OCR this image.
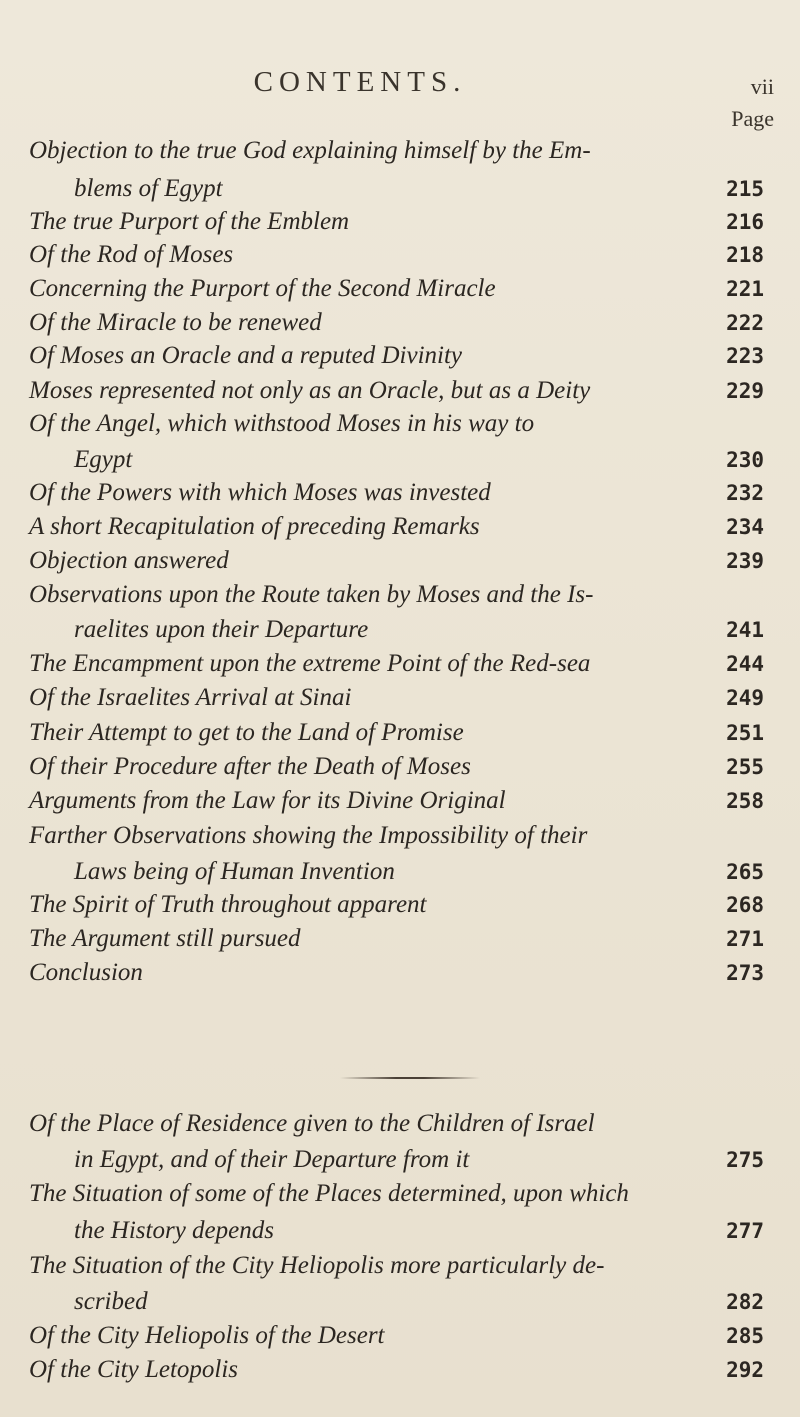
CONTENTS.	vii
Page
Objection to the true God explaining himself by the Em-
blems of Egypt	215
The true Purport of the Emblem	216
Of the Rod of Moses	218
Concerning the Purport of the Second Miracle	221
Of the Miracle to be renewed	222
Of Moses an Oracle and a reputed Divinity	223
Moses represented not only as an Oracle, but as a Deity	229
Of the Angel, which withstood Moses in his way to
Egypt	230
Of the Powers with which Moses was invested	232
A short Recapitulation of preceding Remarks	234
Objection answered	239
Observations upon the Route taken by Moses and the Is-
raelites upon their Departure	241
The Encampment upon the extreme Point of the Red-sea	244
Of the Israelites Arrival at Sinai	249
Their Attempt to get to the Land of Promise	251
Of their Procedure after the Death of Moses	255
Arguments from the Law for its Divine Original	258
Farther Observations showing the Impossibility of their
Laws being of Human Invention	265
The Spirit of Truth throughout apparent	268
The Argument still pursued	271
Conclusion	273
Of the Place of Residence given to the Children of Israel
in Egypt, and of their Departure from it	275
The Situation of some of the Places determined, upon which
the History depends	277
The Situation of the City Heliopolis more particularly de-
scribed	282
Of the City Heliopolis of the Desert	285
Of the City Letopolis	292
